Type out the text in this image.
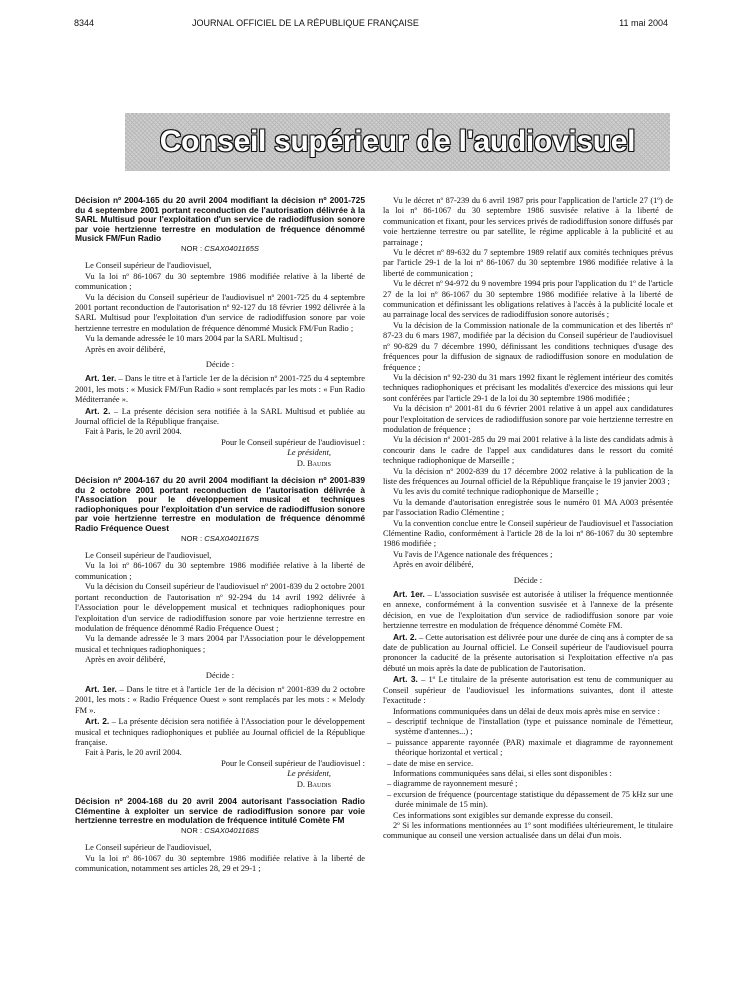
8344	JOURNAL OFFICIEL DE LA RÉPUBLIQUE FRANÇAISE	11 mai 2004
Conseil supérieur de l'audiovisuel

Décision nº 2004-165 du 20 avril 2004 modifiant la décision nº 2001-725 du 4 septembre 2001 portant reconduction de l'autorisation délivrée à la SARL Multisud pour l'exploitation d'un service de radiodiffusion sonore par voie hertzienne terrestre en modulation de fréquence dénommé Musick FM/Fun Radio

NOR : CSAX0401165S

Le Conseil supérieur de l'audiovisuel,

Vu la loi nº 86-1067 du 30 septembre 1986 modifiée relative à la liberté de communication ;

Vu la décision du Conseil supérieur de l'audiovisuel nº 2001-725 du 4 septembre 2001 portant reconduction de l'autorisation nº 92-127 du 18 février 1992 délivrée à la SARL Multisud pour l'exploitation d'un service de radiodiffusion sonore par voie hertzienne terrestre en modulation de fréquence dénommé Musick FM/Fun Radio ;

Vu la demande adressée le 10 mars 2004 par la SARL Multisud ;

Après en avoir délibéré,

Décide :

Art. 1er. – Dans le titre et à l'article 1er de la décision nº 2001-725 du 4 septembre 2001, les mots : « Musick FM/Fun Radio » sont remplacés par les mots : « Fun Radio Méditerranée ».

Art. 2. – La présente décision sera notifiée à la SARL Multisud et publiée au Journal officiel de la République française.

Fait à Paris, le 20 avril 2004.

Pour le Conseil supérieur de l'audiovisuel :

Le président,

D. Baudis

Décision nº 2004-167 du 20 avril 2004 modifiant la décision nº 2001-839 du 2 octobre 2001 portant reconduction de l'autorisation délivrée à l'Association pour le développement musical et techniques radiophoniques pour l'exploitation d'un service de radiodiffusion sonore par voie hertzienne terrestre en modulation de fréquence dénommé Radio Fréquence Ouest

NOR : CSAX0401167S

Le Conseil supérieur de l'audiovisuel,

Vu la loi nº 86-1067 du 30 septembre 1986 modifiée relative à la liberté de communication ;

Vu la décision du Conseil supérieur de l'audiovisuel nº 2001-839 du 2 octobre 2001 portant reconduction de l'autorisation nº 92-294 du 14 avril 1992 délivrée à l'Association pour le développement musical et techniques radiophoniques pour l'exploitation d'un service de radiodiffusion sonore par voie hertzienne terrestre en modulation de fréquence dénommé Radio Fréquence Ouest ;

Vu la demande adressée le 3 mars 2004 par l'Association pour le développement musical et techniques radiophoniques ;

Après en avoir délibéré,

Décide :

Art. 1er. – Dans le titre et à l'article 1er de la décision nº 2001-839 du 2 octobre 2001, les mots : « Radio Fréquence Ouest » sont remplacés par les mots : « Melody FM ».

Art. 2. – La présente décision sera notifiée à l'Association pour le développement musical et techniques radiophoniques et publiée au Journal officiel de la République française.

Fait à Paris, le 20 avril 2004.

Pour le Conseil supérieur de l'audiovisuel :

Le président,

D. Baudis

Décision nº 2004-168 du 20 avril 2004 autorisant l'association Radio Clémentine à exploiter un service de radiodiffusion sonore par voie hertzienne terrestre en modulation de fréquence intitulé Comète FM

NOR : CSAX0401168S

Le Conseil supérieur de l'audiovisuel,

Vu la loi nº 86-1067 du 30 septembre 1986 modifiée relative à la liberté de communication, notamment ses articles 28, 29 et 29-1 ;

Vu le décret nº 87-239 du 6 avril 1987 pris pour l'application de l'article 27 (1º) de la loi nº 86-1067 du 30 septembre 1986 susvisée relative à la liberté de communication et fixant, pour les services privés de radiodiffusion sonore diffusés par voie hertzienne terrestre ou par satellite, le régime applicable à la publicité et au parrainage ;

Vu le décret nº 89-632 du 7 septembre 1989 relatif aux comités techniques prévus par l'article 29-1 de la loi nº 86-1067 du 30 septembre 1986 modifiée relative à la liberté de communication ;

Vu le décret nº 94-972 du 9 novembre 1994 pris pour l'application du 1º de l'article 27 de la loi nº 86-1067 du 30 septembre 1986 modifiée relative à la liberté de communication et définissant les obligations relatives à l'accès à la publicité locale et au parrainage local des services de radiodiffusion sonore autorisés ;

Vu la décision de la Commission nationale de la communication et des libertés nº 87-23 du 6 mars 1987, modifiée par la décision du Conseil supérieur de l'audiovisuel nº 90-829 du 7 décembre 1990, définissant les conditions techniques d'usage des fréquences pour la diffusion de signaux de radiodiffusion sonore en modulation de fréquence ;

Vu la décision nº 92-230 du 31 mars 1992 fixant le règlement intérieur des comités techniques radiophoniques et précisant les modalités d'exercice des missions qui leur sont conférées par l'article 29-1 de la loi du 30 septembre 1986 modifiée ;

Vu la décision nº 2001-81 du 6 février 2001 relative à un appel aux candidatures pour l'exploitation de services de radiodiffusion sonore par voie hertzienne terrestre en modulation de fréquence ;

Vu la décision nº 2001-285 du 29 mai 2001 relative à la liste des candidats admis à concourir dans le cadre de l'appel aux candidatures dans le ressort du comité technique radiophonique de Marseille ;

Vu la décision nº 2002-839 du 17 décembre 2002 relative à la publication de la liste des fréquences au Journal officiel de la République française le 19 janvier 2003 ;

Vu les avis du comité technique radiophonique de Marseille ;

Vu la demande d'autorisation enregistrée sous le numéro 01 MA A003 présentée par l'association Radio Clémentine ;

Vu la convention conclue entre le Conseil supérieur de l'audiovisuel et l'association Clémentine Radio, conformément à l'article 28 de la loi nº 86-1067 du 30 septembre 1986 modifiée ;

Vu l'avis de l'Agence nationale des fréquences ;

Après en avoir délibéré,

Décide :

Art. 1er. – L'association susvisée est autorisée à utiliser la fréquence mentionnée en annexe, conformément à la convention susvisée et à l'annexe de la présente décision, en vue de l'exploitation d'un service de radiodiffusion sonore par voie hertzienne terrestre en modulation de fréquence dénommé Comète FM.

Art. 2. – Cette autorisation est délivrée pour une durée de cinq ans à compter de sa date de publication au Journal officiel. Le Conseil supérieur de l'audiovisuel pourra prononcer la caducité de la présente autorisation si l'exploitation effective n'a pas débuté un mois après la date de publication de l'autorisation.

Art. 3. – 1º Le titulaire de la présente autorisation est tenu de communiquer au Conseil supérieur de l'audiovisuel les informations suivantes, dont il atteste l'exactitude :

Informations communiquées dans un délai de deux mois après mise en service :

– descriptif technique de l'installation (type et puissance nominale de l'émetteur, système d'antennes...) ;
– puissance apparente rayonnée (PAR) maximale et diagramme de rayonnement théorique horizontal et vertical ;
– date de mise en service.

Informations communiquées sans délai, si elles sont disponibles :

– diagramme de rayonnement mesuré ;
– excursion de fréquence (pourcentage statistique du dépassement de 75 kHz sur une durée minimale de 15 min).

Ces informations sont exigibles sur demande expresse du conseil.

2º Si les informations mentionnées au 1º sont modifiées ultérieurement, le titulaire communique au conseil une version actualisée dans un délai d'un mois.
